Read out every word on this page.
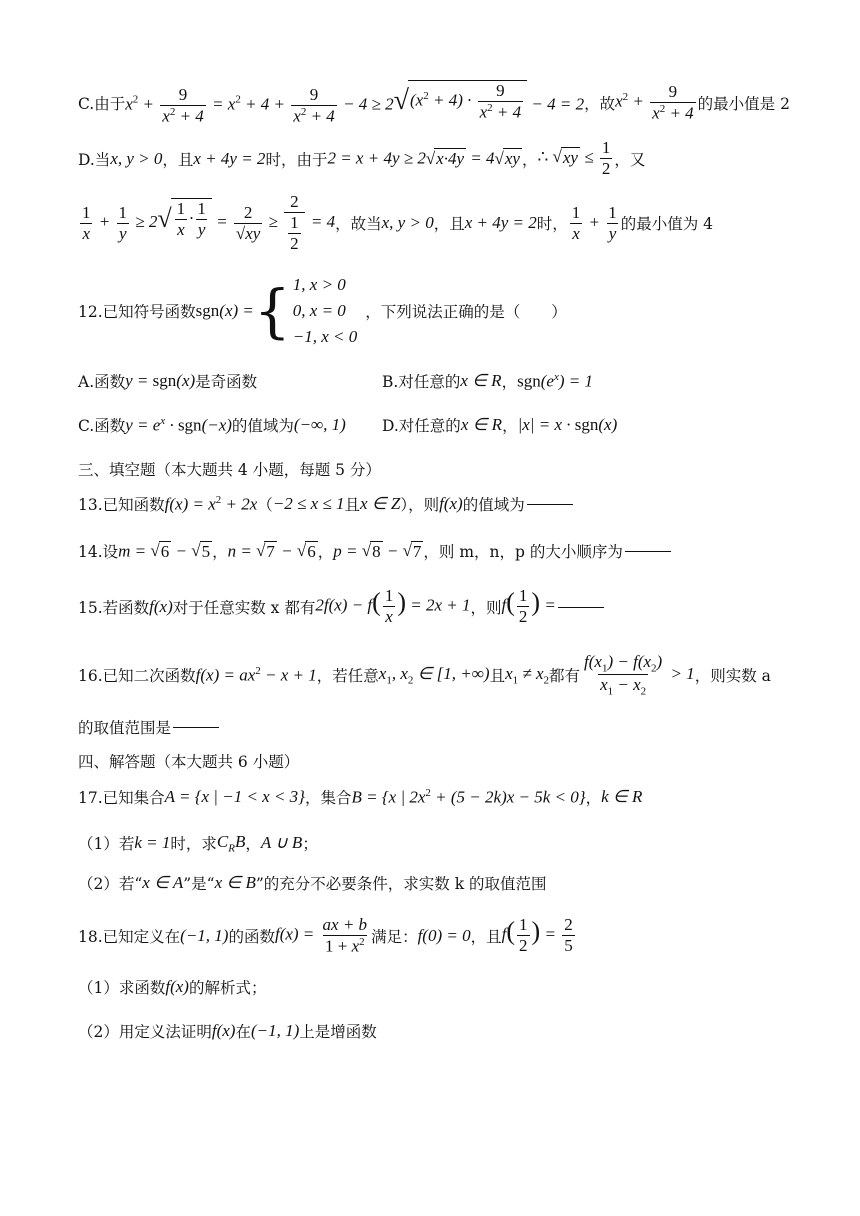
C.由于 $x^2 + \frac{9}{x^2 + 4} = x^2 + 4 + \frac{9}{x^2 + 4} - 4 \ge 2$ √ $(x^2 + 4) \cdot \frac{9}{x^2 + 4} - 4 = 2$ ，故 $x^2 + \frac{9}{x^2 + 4}$ 的最小值是 2
D.当 x, y > 0 ，且 x + 4y = 2 时，由于 2 = x + 4y ≥ 2 √ x·4y = 4 √ xy ， ∴ √ xy ≤ $\frac{1}{2}$ ，又
$\frac{1}{x} + \frac{1}{y} \ge 2$ √ $\frac{1}{x} \cdot \frac{1}{y} = \frac{2}{√xy} \ge \frac{2}{\frac{1}{2}} = 4$ ，故当 x, y > 0 ，且 x + 4y = 2 时， $\frac{1}{x} + \frac{1}{y}$ 的最小值为 4
12.已知符号函数 sgn(x) = { 1, x > 0
0, x = 0
−1, x < 0
，下列说法正确的是（　　）
A.函数 y = sgn(x) 是奇函数	B.对任意的 x ∈ R ， $sgn(e^x) = 1$
C.函数 $y = e^x \cdot sgn(-x)$ 的值域为 (−∞, 1) D.对任意的 x ∈ R ， |x| = x · sgn(x)
三、填空题（本大题共 4 小题，每题 5 分）
13.已知函数 $f(x) = x^2 + 2x$ （ −2 ≤ x ≤ 1 且 x ∈ Z ），则 f(x) 的值域为
14.设 m = √ 6 − √ 5 ， n = √ 7 − √ 6 ， p = √ 8 − √ 7 ，则 m，n，p 的大小顺序为
15.若函数 f(x) 对于任意实数 x 都有 $2f(x) - f( \frac{1}{x}$ ) = 2x + 1 ，则 $f( \frac{1}{2}$ ) =
16.已知二次函数 $f(x) = ax^2 - x + 1$ ，若任意 $x_1$, $x_2$ ∈ [1, +∞) 且 $x_1 \ne x_2$ 都有 $\frac{f(x_1) - f(x_2)}{x_1 - x_2} > 1$ ，则实数 a
的取值范围是
四、解答题（本大题共 6 小题）
17.已知集合 A = {x | −1 < x < 3} ，集合 B = {x | $2x^2 + (5 - 2k)x - 5k < 0$} ， k ∈ R
（1）若 k = 1 时，求 $C_RB$ ， A ∪ B ；
（2）若“ x ∈ A ”是“ x ∈ B ”的充分不必要条件，求实数 k 的取值范围
18.已知定义在 (−1, 1) 的函数 $f(x) = \frac{ax + b}{1 + x^2}$ 满足： f(0) = 0 ，且 $f( \frac{1}{2}$ ) = $\frac{2}{5}$
（1）求函数 f(x) 的解析式；
（2）用定义法证明 f(x) 在 (−1, 1) 上是增函数
